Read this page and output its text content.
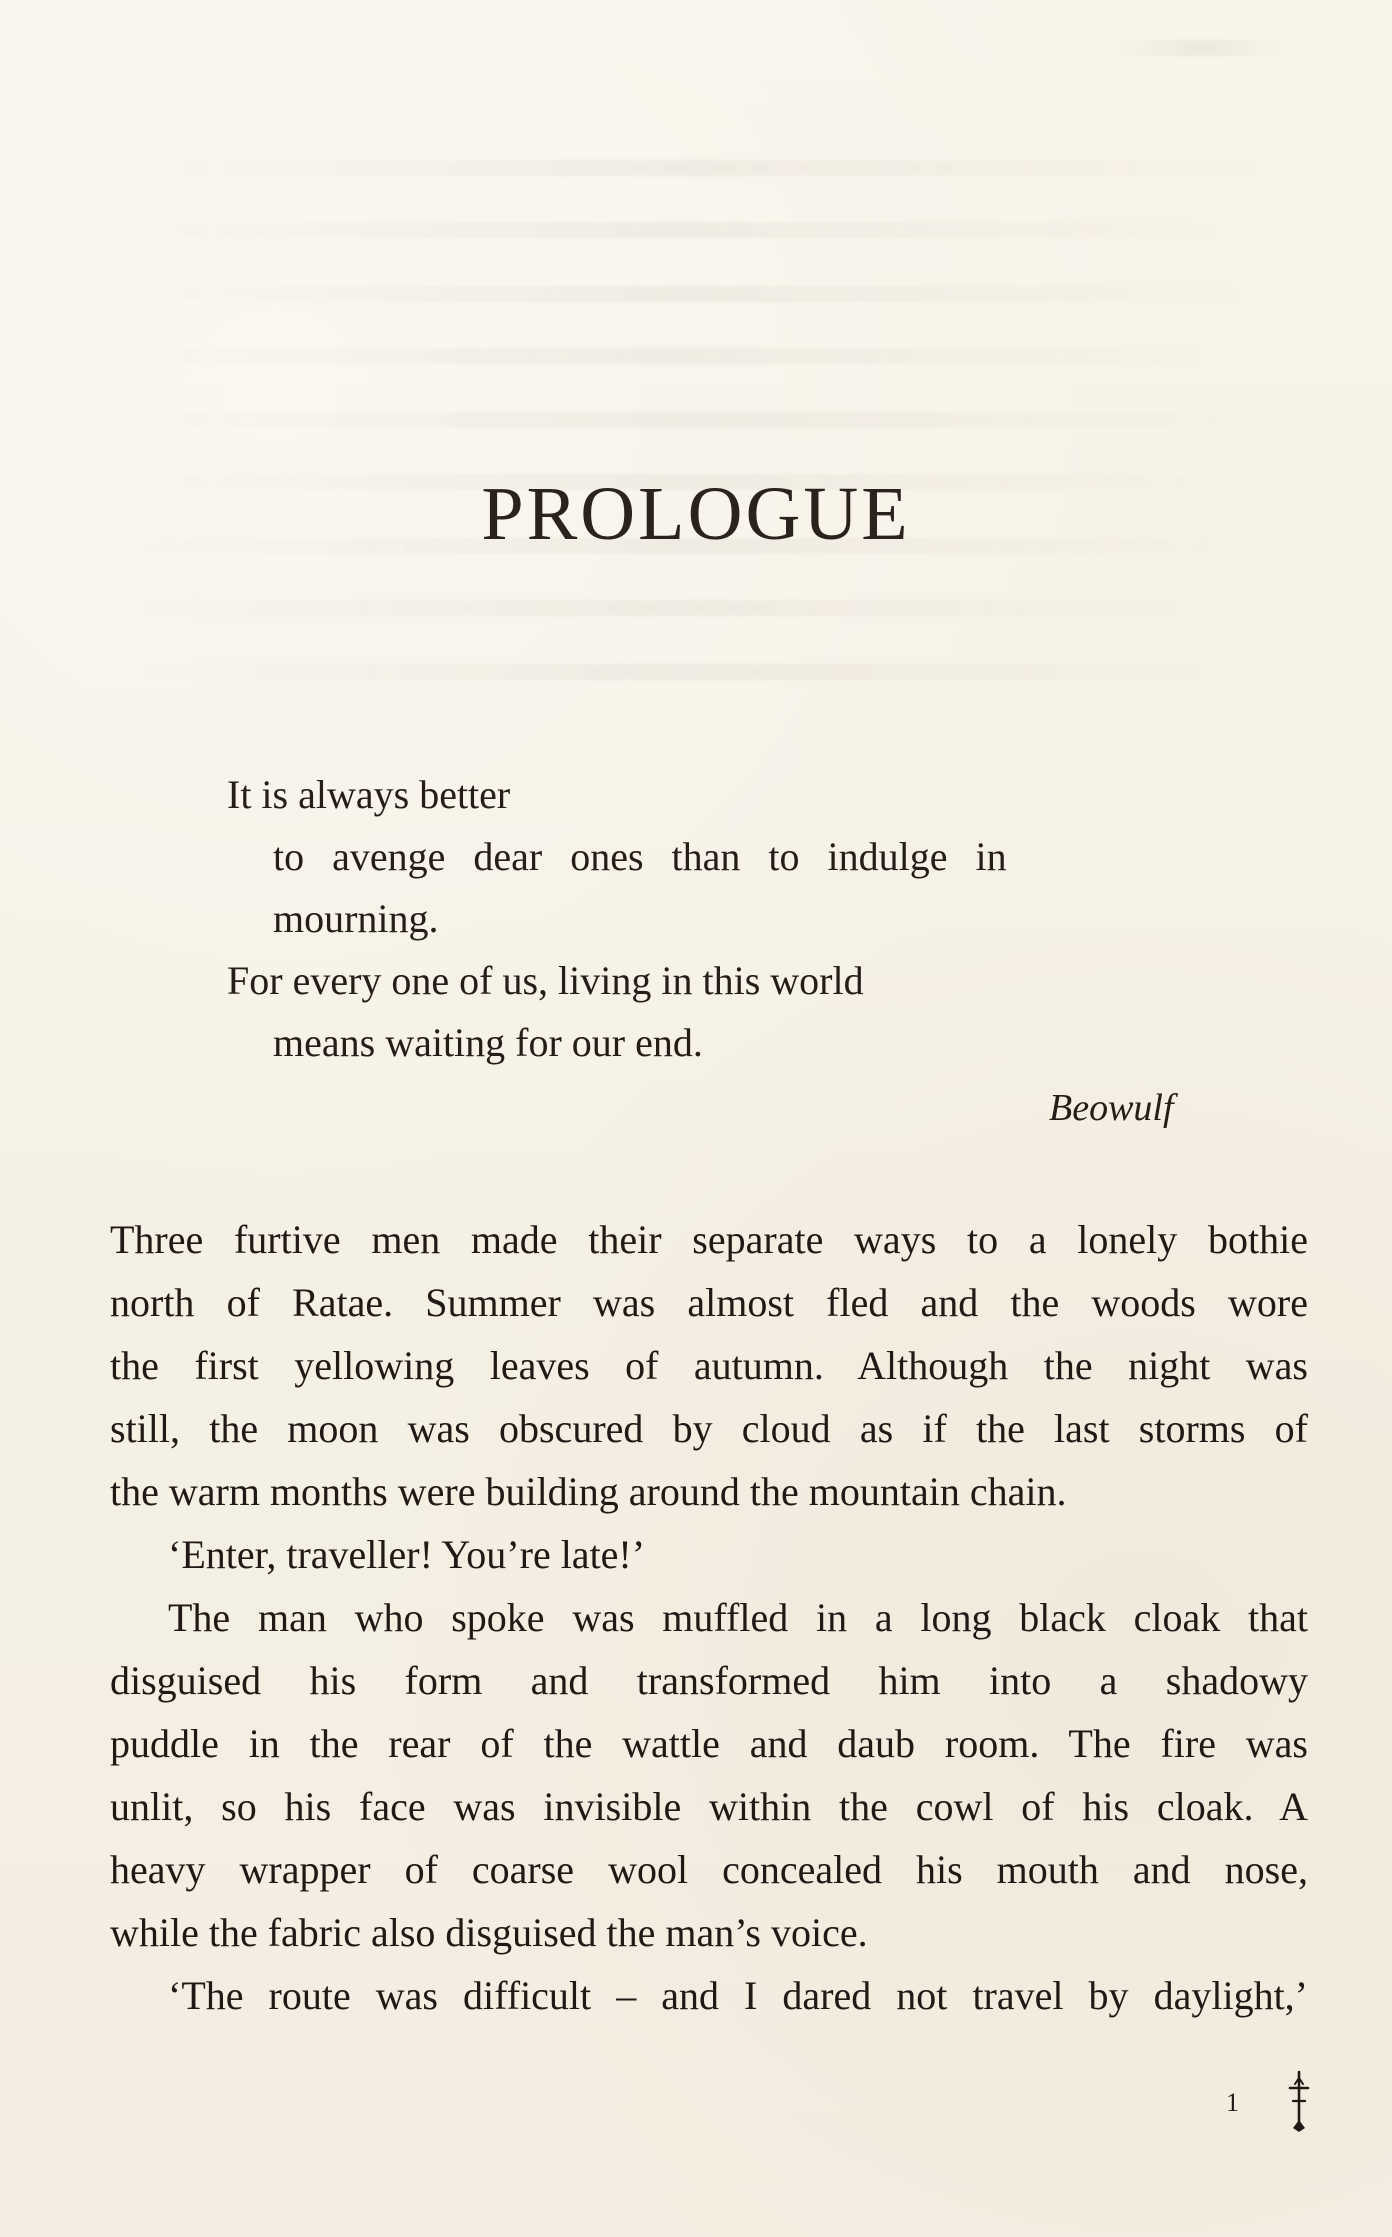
PROLOGUE
It is always better
to avenge dear ones than to indulge in
mourning.
For every one of us, living in this world
means waiting for our end.
Beowulf
Three furtive men made their separate ways to a lonely bothie
north of Ratae. Summer was almost fled and the woods wore
the first yellowing leaves of autumn. Although the night was
still, the moon was obscured by cloud as if the last storms of
the warm months were building around the mountain chain.
‘Enter, traveller! You’re late!’
The man who spoke was muffled in a long black cloak that
disguised his form and transformed him into a shadowy
puddle in the rear of the wattle and daub room. The fire was
unlit, so his face was invisible within the cowl of his cloak. A
heavy wrapper of coarse wool concealed his mouth and nose,
while the fabric also disguised the man’s voice.
‘The route was difficult – and I dared not travel by daylight,’
1
